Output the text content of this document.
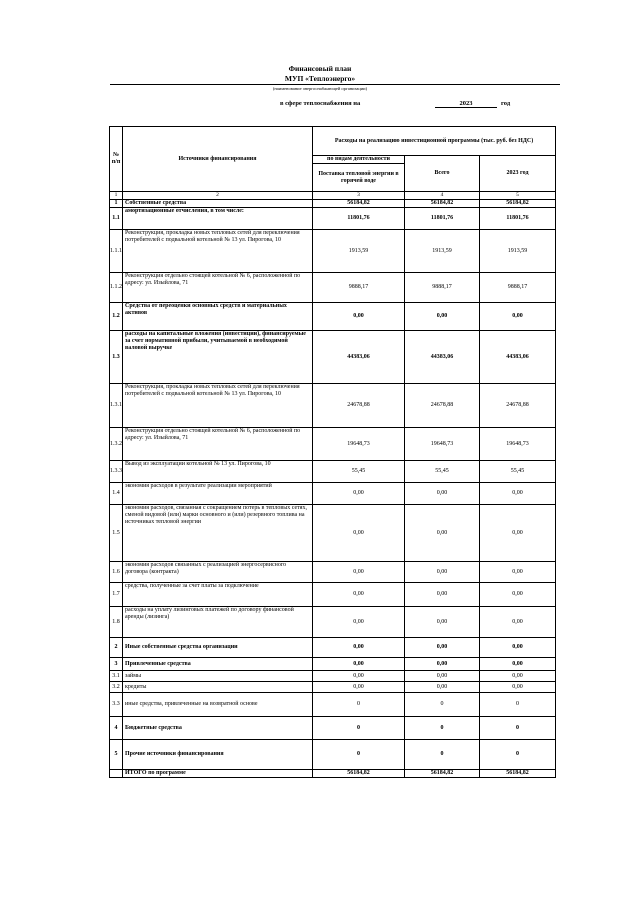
Финансовый план
МУП «Теплоэнерго»
(наименование энергоснабжающей организации)
в сфере теплоснабжения на	2023	год
№ п/п	Источники финансирования	Расходы на реализацию инвестиционной программы (тыс. руб. без НДС)		
		по видам деятельности	Всего	2023 год
		Поставка тепловой энергии в горячей воде		
1	2	3	4	5
1	Собственные средства	56184,82	56184,82	56184,82
1.1	амортизационные отчисления, в том числе:	11801,76	11801,76	11801,76
1.1.1	Реконструкция, прокладка новых тепловых сетей для переключения потребителей с подвальной котельной № 13 ул. Пирогова, 10	1913,59	1913,59	1913,59
1.1.2	Реконструкция отдельно стоящей котельной № 6, расположенной по адресу: ул. Изыйлова, 71	9888,17	9888,17	9888,17
1.2	Средства от переоценки основных средств и материальных активов	0,00	0,00	0,00
1.3	расходы на капитальные вложения (инвестиции), финансируемые за счет нормативной прибыли, учитываемой в необходимой валовой выручке	44383,06	44383,06	44383,06
1.3.1	Реконструкция, прокладка новых тепловых сетей для переключения потребителей с подвальной котельной № 13 ул. Пирогова, 10	24678,88	24678,88	24678,88
1.3.2	Реконструкция отдельно стоящей котельной № 6, расположенной по адресу: ул. Изыйлова, 71	19648,73	19648,73	19648,73
1.3.3	Вывод из эксплуатации котельной № 13 ул. Пирогова, 10	55,45	55,45	55,45
1.4	экономия расходов в результате реализации мероприятий	0,00	0,00	0,00
1.5	экономия расходов, связанная с сокращением потерь в тепловых сетях, сменой видовой (или) марки основного и (или) резервного топлива на источниках тепловой энергии	0,00	0,00	0,00
1.6	экономия расходов связанных с реализацией энергосервисного договора (контракта)	0,00	0,00	0,00
1.7	средства, полученные за счет платы за подключение	0,00	0,00	0,00
1.8	расходы на уплату лизинговых платежей по договору финансовой аренды (лизинга)	0,00	0,00	0,00
2	Иные собственные средства организации	0,00	0,00	0,00
3	Привлеченные средства	0,00	0,00	0,00
3.1	займы	0,00	0,00	0,00
3.2	кредиты	0,00	0,00	0,00
3.3	иные средства, привлеченные на возвратной основе	0	0	0
4	Бюджетные средства	0	0	0
5	Прочие источники финансирования	0	0	0
	ИТОГО по программе	56184,82	56184,82	56184,82
